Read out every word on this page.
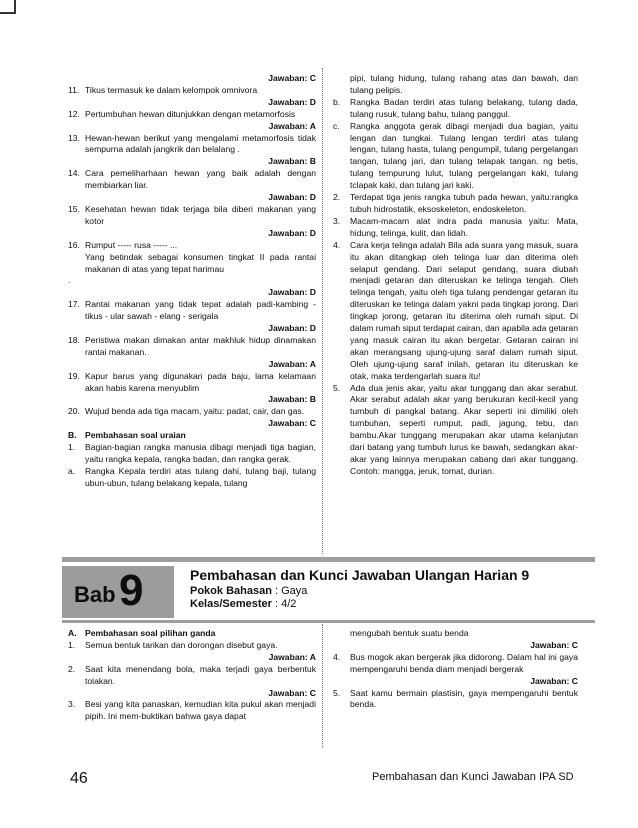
Jawaban: C

11. Tikus termasuk ke dalam kelompok omnivora

Jawaban: D

12. Pertumbuhan hewan ditunjukkan dengan metamorfosis

Jawaban: A

13. Hewan-hewan berikut yang mengalami metamorfosis tidak sempurna adalah jangkrik dan belalang .

Jawaban: B

14. Cara pemeliharhaan hewan yang baik adalah dengan membiarkan liar.

Jawaban: D

15. Kesehatan hewan tidak terjaga bila diberi makanan yang kotor

Jawaban: D

16. Rumput ----- rusa ----- ...

Yang betindak sebagai konsumen tingkat II pada rantai makanan di atas yang tepat harimau

.

Jawaban: D

17. Rantai makanan yang tidak tepat adalah padi-kambing - tikus - ular sawah - elang - serigala

Jawaban: D

18. Peristiwa makan dimakan antar makhluk hidup dinamakan rantai makanan.

Jawaban: A

19. Kapur barus yang digunakan pada baju, lama kelamaan akan habis karena menyublim

Jawaban: B

20. Wujud benda ada tiga macam, yaitu: padat, cair, dan gas.

Jawaban: C

B. Pembahasan soal uraian
1.	Bagian-bagian rangka manusia dibagi menjadi tiga bagian, yaitu rangka kepala, rangka badan, dan rangka gerak.
a.	Rangka Kepala terdiri atas tulang dahi, tulang baji, tulang ubun-ubun, tulang belakang kepala, tulang

pipi, tulang hidung, tulang rahang atas dan bawah, dan tulang pelipis.

b.	Rangka Badan terdiri atas tulang belakang, tulang dada, tulang rusuk, tulang bahu, tulang panggul.
c.	Rangka anggota gerak dibagi menjadi dua bagian, yaitu lengan dan tungkai. Tulang lengan terdiri atas tulang lengan, tulang hasta, tulang pengumpil, tulang pergelangan tangan, tulang jari, dan tulang telapak tangan. ng betis, tulang tempurung lulut, tulang pergelangan kaki, tulang tclapak kaki, dan tulang jari kaki.
2.	Terdapat tiga jenis rangka tubuh pada hewan, yaitu:rangka tubuh hidrostatik, eksoskeleton, endoskeleton.
3.	Macam-macam alat indra pada manusia yaitu: Mata, hidung, telinga, kulit, dan lidah.
4.	Cara kerja telinga adalah Bila ada suara yang masuk, suara itu akan ditangkap oleh telinga luar dan diterima oleh selaput gendang. Dari selaput gendang, suara diubah menjadi getaran dan diteruskan ke telinga tengah. Oleh telinga tengah, yaitu oleh tiga tulang pendengar getaran itu diteruskan ke telinga dalam yakni pada tingkap jorong. Dari tingkap jorong, getaran itu diterima oleh rumah siput. Di dalam rumah siput terdapat cairan, dan apabila ada getaran yang masuk cairan itu akan bergetar. Getaran cairan ini akan merangsang ujung-ujung saraf dalam rumah siput. Oleh ujung-ujung saraf inilah, getaran itu diteruskan ke otak, maka terdengarlah suara itu!
5.	Ada dua jenis akar, yaitu akar tunggang dan akar serabut. Akar serabut adalah akar yang berukuran kecil-kecil yang tumbuh di pangkal batang. Akar seperti ini dimiliki oleh tumbuhan, seperti rumput, padi, jagung, tebu, dan bambu.Akar tunggang merupakan akar utama kelanjutan dari batang yang tumbuh lurus ke bawah, sedangkan akar-akar yang lainnya merupakan cabang dari akar tunggang. Contoh: mangga, jeruk, tomat, durian.
Bab 9	Pembahasan dan Kunci Jawaban Ulangan Harian 9
Pokok Bahasan : Gaya
Kelas/Semester : 4/2
A. Pembahasan soal pilihan ganda
1.	Semua bentuk tarikan dan dorongan disebut gaya.

Jawaban: A

2.	Saat kita menendang bola, maka terjadi gaya berbentuk tolakan.

Jawaban: C

3.	Besi yang kita panaskan, kemudian kita pukul akan menjadi pipih. Ini mem-buktikan bahwa gaya dapat

mengubah bentuk suatu benda

Jawaban: C

4.	Bus mogok akan bergerak jika didorong. Dalam hal ini gaya mempengaruhi benda diam menjadi bergerak

Jawaban: C

5.	Saat kamu bermain plastisin, gaya mempengaruhi bentuk benda.
46	Pembahasan dan Kunci Jawaban IPA SD
